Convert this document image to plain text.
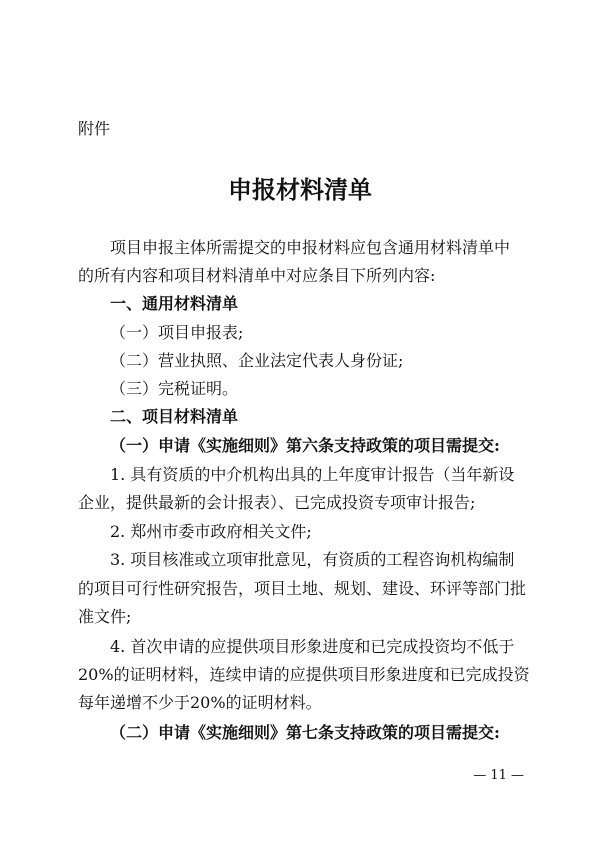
附件

申报材料清单

项目申报主体所需提交的申报材料应包含通用材料清单中

的所有内容和项目材料清单中对应条目下所列内容:

一、通用材料清单

（一）项目申报表;

（二）营业执照、企业法定代表人身份证;

（三）完税证明。

二、项目材料清单

（一）申请《实施细则》第六条支持政策的项目需提交:

1. 具有资质的中介机构出具的上年度审计报告（当年新设

企业，提供最新的会计报表）、已完成投资专项审计报告;

2. 郑州市委市政府相关文件;

3. 项目核准或立项审批意见，有资质的工程咨询机构编制

的项目可行性研究报告，项目土地、规划、建设、环评等部门批

准文件;

4. 首次申请的应提供项目形象进度和已完成投资均不低于

20%的证明材料，连续申请的应提供项目形象进度和已完成投资

每年递增不少于20%的证明材料。

（二）申请《实施细则》第七条支持政策的项目需提交:

— 11 —
